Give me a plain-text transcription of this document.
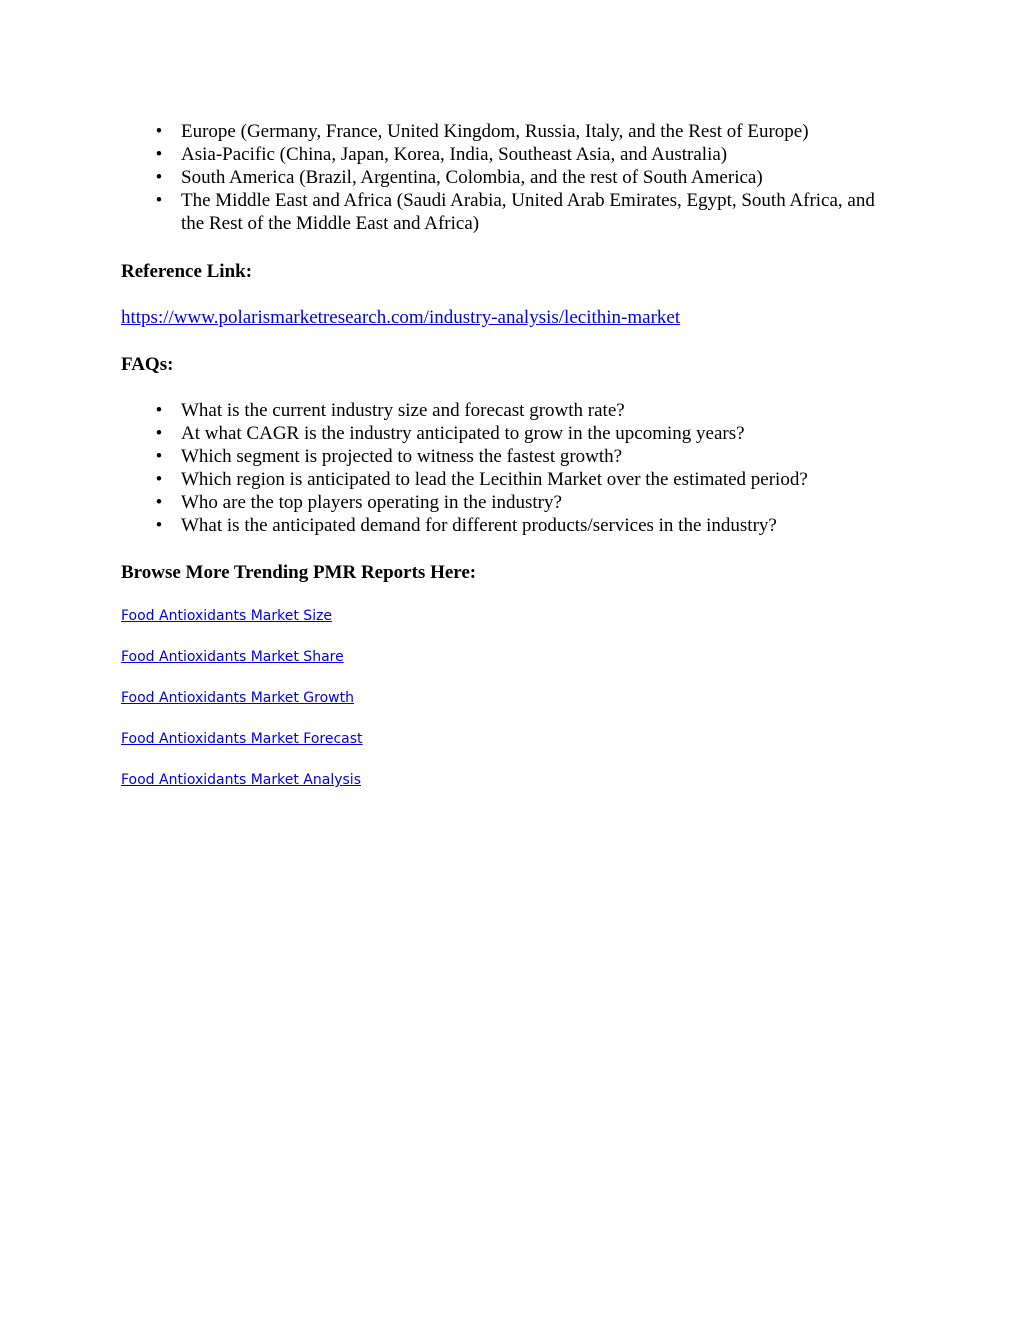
• Europe (Germany, France, United Kingdom, Russia, Italy, and the Rest of Europe)
• Asia-Pacific (China, Japan, Korea, India, Southeast Asia, and Australia)
• South America (Brazil, Argentina, Colombia, and the rest of South America)
• The Middle East and Africa (Saudi Arabia, United Arab Emirates, Egypt, South Africa, and the Rest of the Middle East and Africa)
Reference Link:
https://www.polarismarketresearch.com/industry-analysis/lecithin-market
FAQs:
• What is the current industry size and forecast growth rate?
• At what CAGR is the industry anticipated to grow in the upcoming years?
• Which segment is projected to witness the fastest growth?
• Which region is anticipated to lead the Lecithin Market over the estimated period?
• Who are the top players operating in the industry?
• What is the anticipated demand for different products/services in the industry?
Browse More Trending PMR Reports Here:
Food Antioxidants Market Size
Food Antioxidants Market Share
Food Antioxidants Market Growth
Food Antioxidants Market Forecast
Food Antioxidants Market Analysis
